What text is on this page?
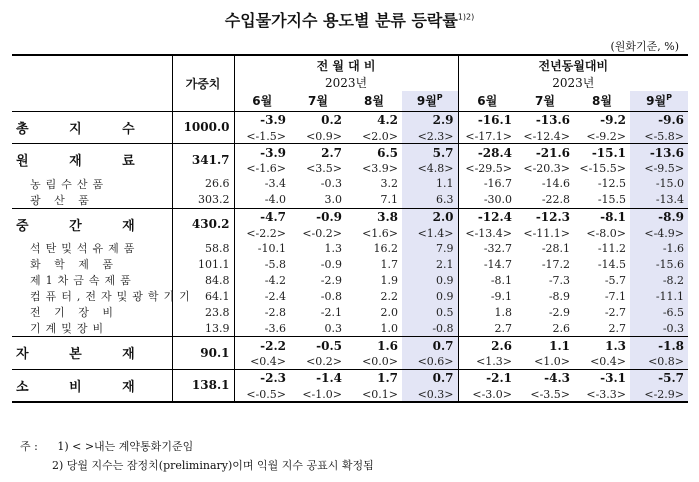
수입물가지수 용도별 분류 등락률$^{1)2)}$
(원화기준, %)
	가중치	전 월 대 비				전년동월대비			
		2023년				2023년			
		6월	7월	8월	9월$^P$	6월	7월	8월	9월$^P$
총 지 수	1000.0	-3.9	0.2	4.2	2.9	-16.1	-13.6	-9.2	-9.6
		<-1.5>	<0.9>	<2.0>	<2.3>	<-17.1>	<-12.4>	<-9.2>	<-5.8>
원 재 료	341.7	-3.9	2.7	6.5	5.7	-28.4	-21.6	-15.1	-13.6
		<-1.6>	<3.5>	<3.9>	<4.8>	<-29.5>	<-20.3>	<-15.5>	<-9.5>
농림수산품	26.6	-3.4	-0.3	3.2	1.1	-16.7	-14.6	-12.5	-15.0
광 산 품	303.2	-4.0	3.0	7.1	6.3	-30.0	-22.8	-15.5	-13.4
중 간 재	430.2	-4.7	-0.9	3.8	2.0	-12.4	-12.3	-8.1	-8.9
		<-2.2>	<-0.2>	<1.6>	<1.4>	<-13.4>	<-11.1>	<-8.0>	<-4.9>
석탄및석유제품	58.8	-10.1	1.3	16.2	7.9	-32.7	-28.1	-11.2	-1.6
화 학 제 품	101.1	-5.8	-0.9	1.7	2.1	-14.7	-17.2	-14.5	-15.6
제1차금속제품	84.8	-4.2	-2.9	1.9	0.9	-8.1	-7.3	-5.7	-8.2
컴퓨터,전자및광학기기	64.1	-2.4	-0.8	2.2	0.9	-9.1	-8.9	-7.1	-11.1
전 기 장 비	23.8	-2.8	-2.1	2.0	0.5	1.8	-2.9	-2.7	-6.5
기계및장비	13.9	-3.6	0.3	1.0	-0.8	2.7	2.6	2.7	-0.3
자 본 재	90.1	-2.2	-0.5	1.6	0.7	2.6	1.1	1.3	-1.8
		<0.4>	<0.2>	<0.0>	<0.6>	<1.3>	<1.0>	<0.4>	<0.8>
소 비 재	138.1	-2.3	-1.4	1.7	0.7	-2.1	-4.3	-3.1	-5.7
		<-0.5>	<-1.0>	<0.1>	<0.3>	<-3.0>	<-3.5>	<-3.3>	<-2.9>
주 : 1) < >내는 계약통화기준임
2) 당월 지수는 잠정치(preliminary)이며 익월 지수 공표시 확정됨
